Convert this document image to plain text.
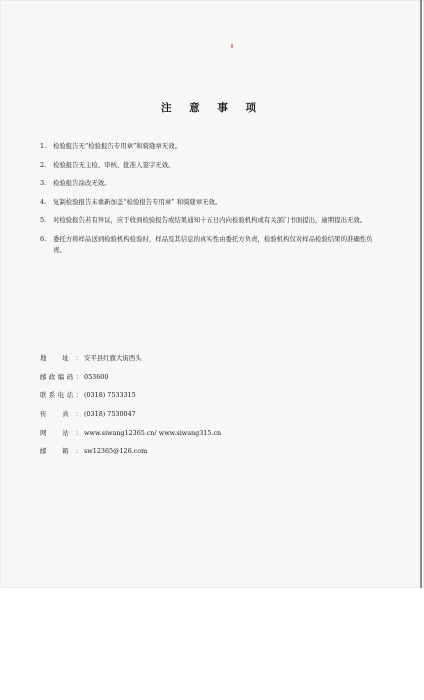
注 意 事 项
1. 检验报告无“检验报告专用章”和骑缝章无效。
2. 检验报告无主检、审核、批准人签字无效。
3. 检验报告涂改无效。
4. 复制检验报告未重新加盖“检验报告专用章” 和骑缝章无效。
5. 对检验报告若有异议，应于收到检验报告或结果通知十五日内向检验机构或有关部门书面提出，逾期提出无效。
6. 委托方将样品送到检验机构检验时，样品及其信息的真实性由委托方负责，检验机构仅对样品检验结果的准确性负责。
地 址： 安平县红旗大街西头
邮政编码： 053600
联系电话： (0318) 7533315
传 真： (0318) 7530047
网 站： www.siwang12365.cn/ www.siwang315.cn
邮 箱： sw12365@126.com
